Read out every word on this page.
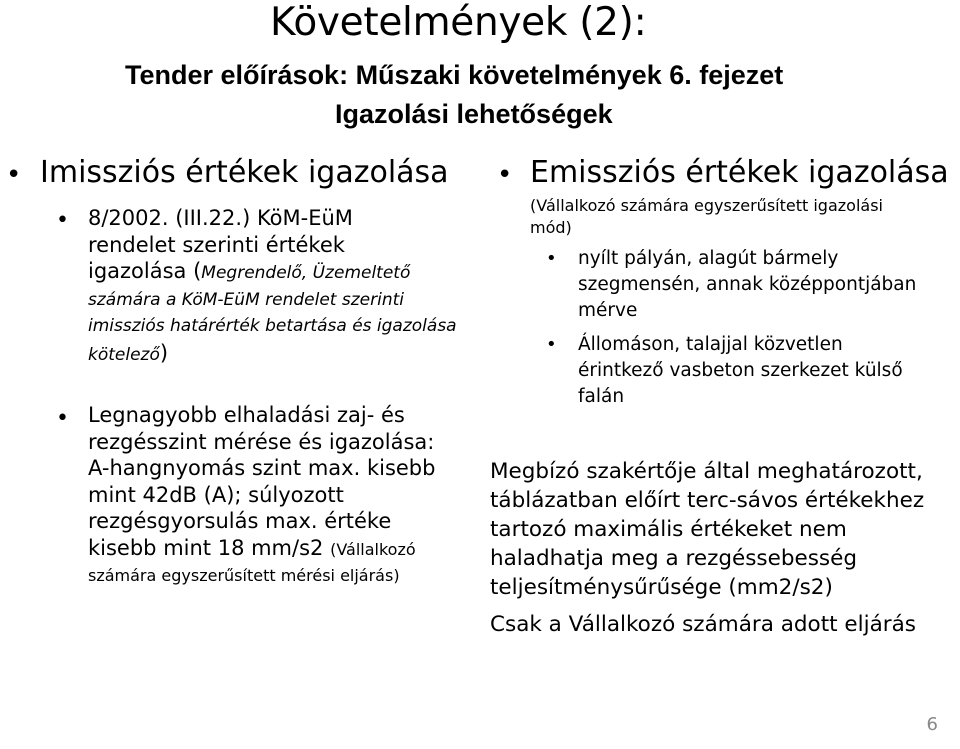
Követelmények (2):
Tender előírások: Műszaki követelmények 6. fejezet
Igazolási lehetőségek
• Imissziós értékek igazolása
• 8/2002. (III.22.) KöM-EüM
rendelet szerinti értékek
igazolása (Megrendelő, Üzemeltető
számára a KöM-EüM rendelet szerinti
imissziós határérték betartása és igazolása
kötelező)
• Legnagyobb elhaladási zaj- és
rezgésszint mérése és igazolása:
A-hangnyomás szint max. kisebb
mint 42dB (A); súlyozott
rezgésgyorsulás max. értéke
kisebb mint 18 mm/s2 (Vállalkozó
számára egyszerűsített mérési eljárás)
• Emissziós értékek igazolása
(Vállalkozó számára egyszerűsített igazolási
mód)
• nyílt pályán, alagút bármely
szegmensén, annak középpontjában
mérve
• Állomáson, talajjal közvetlen
érintkező vasbeton szerkezet külső
falán
Megbízó szakértője által meghatározott,
táblázatban előírt terc-sávos értékekhez
tartozó maximális értékeket nem
haladhatja meg a rezgéssebesség
teljesítménysűrűsége (mm2/s2)
Csak a Vállalkozó számára adott eljárás
6
